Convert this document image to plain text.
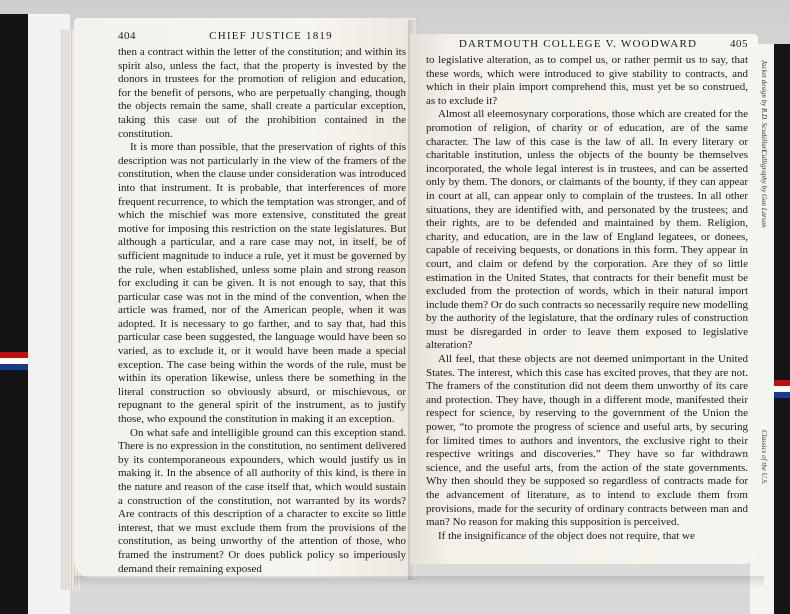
404	CHIEF JUSTICE 1819

then a contract within the letter of the constitution; and within its spirit also, unless the fact, that the property is invested by the donors in trustees for the promotion of religion and education, for the benefit of persons, who are perpetually changing, though the objects remain the same, shall create a particular exception, taking this case out of the prohibition contained in the constitution.

It is more than possible, that the preservation of rights of this description was not particularly in the view of the framers of the constitution, when the clause under consideration was introduced into that instrument. It is probable, that interferences of more frequent recurrence, to which the temptation was stronger, and of which the mischief was more extensive, constituted the great motive for imposing this restriction on the state legislatures. But although a particular, and a rare case may not, in itself, be of sufficient magnitude to induce a rule, yet it must be governed by the rule, when established, unless some plain and strong reason for excluding it can be given. It is not enough to say, that this particular case was not in the mind of the convention, when the article was framed, nor of the American people, when it was adopted. It is necessary to go farther, and to say that, had this particular case been suggested, the language would have been so varied, as to exclude it, or it would have been made a special exception. The case being within the words of the rule, must be within its operation likewise, unless there be something in the literal construction so obviously absurd, or mischievous, or repugnant to the general spirit of the instrument, as to justify those, who expound the constitution in making it an exception.

On what safe and intelligible ground can this exception stand. There is no expression in the constitution, no sentiment delivered by its contemporaneous expounders, which would justify us in making it. In the absence of all authority of this kind, is there in the nature and reason of the case itself that, which would sustain a construction of the constitution, not warranted by its words? Are contracts of this description of a character to excite so little interest, that we must exclude them from the provisions of the constitution, as being unworthy of the attention of those, who framed the instrument? Or does publick policy so imperiously demand their remaining exposed

DARTMOUTH COLLEGE V. WOODWARD	405

to legislative alteration, as to compel us, or rather permit us to say, that these words, which were introduced to give stability to contracts, and which in their plain import comprehend this, must yet be so construed, as to exclude it?

Almost all eleemosynary corporations, those which are created for the promotion of religion, of charity or of education, are of the same character. The law of this case is the law of all. In every literary or charitable institution, unless the objects of the bounty be themselves incorporated, the whole legal interest is in trustees, and can be asserted only by them. The donors, or claimants of the bounty, if they can appear in court at all, can appear only to complain of the trustees. In all other situations, they are identified with, and personated by the trustees; and their rights, are to be defended and maintained by them. Religion, charity, and education, are in the law of England legatees, or donees, capable of receiving bequests, or donations in this form. They appear in court, and claim or defend by the corporation. Are they of so little estimation in the United States, that contracts for their benefit must be excluded from the protection of words, which in their natural import include them? Or do such contracts so necessarily require new modelling by the authority of the legislature, that the ordinary rules of construction must be disregarded in order to leave them exposed to legislative alteration?

All feel, that these objects are not deemed unimportant in the United States. The interest, which this case has excited proves, that they are not. The framers of the constitution did not deem them unworthy of its care and protection. They have, though in a different mode, manifested their respect for science, by reserving to the government of the Union the power, “to promote the progress of science and useful arts, by securing for limited times to authors and inventors, the exclusive right to their respective writings and discoveries.” They have so far withdrawn science, and the useful arts, from the action of the state governments. Why then should they be supposed so regardless of contracts made for the advancement of literature, as to intend to exclude them from provisions, made for the security of ordinary contracts between man and man? No reason for making this supposition is perceived.

If the insignificance of the object does not require, that we

Jacket design by R.D. Scudellari
Calligraphy by Gun Larson
Classics of the U.S.
